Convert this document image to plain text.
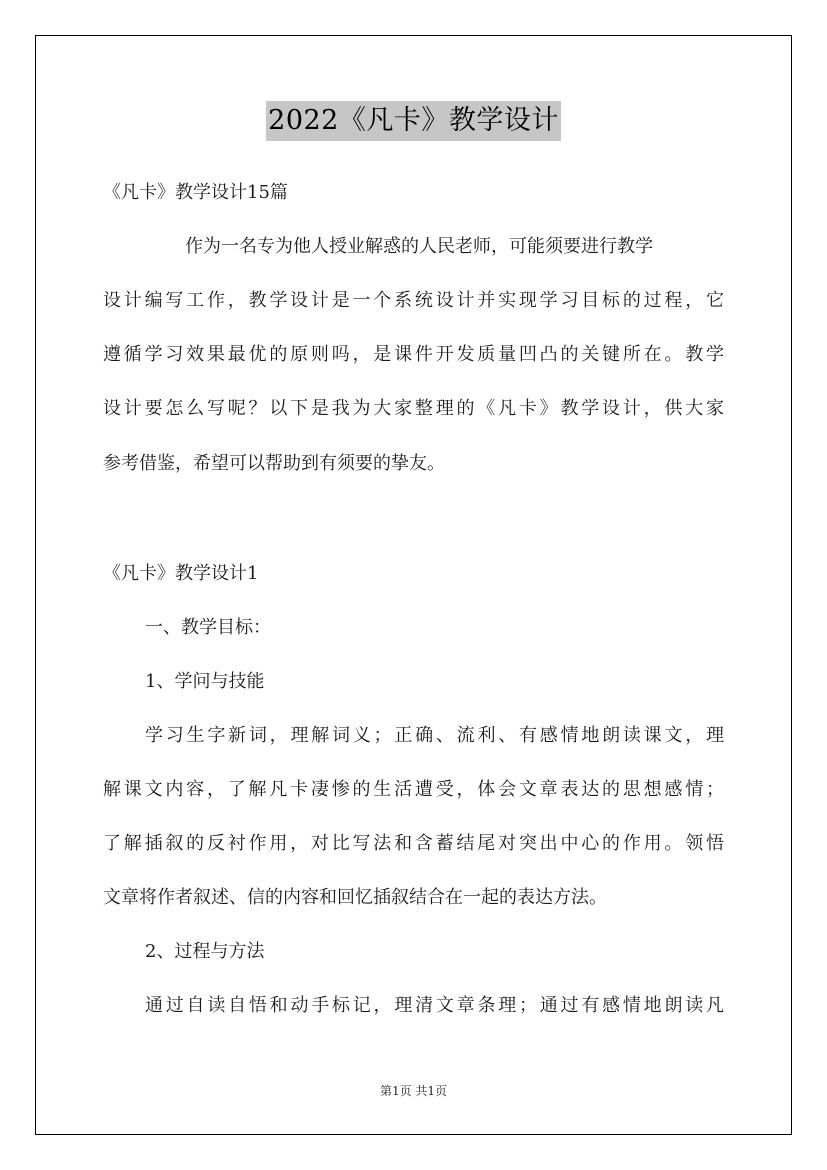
2022《凡卡》教学设计
《凡卡》教学设计15篇
作为一名专为他人授业解惑的人民老师，可能须要进行教学
设计编写工作，教学设计是一个系统设计并实现学习目标的过程，它
遵循学习效果最优的原则吗，是课件开发质量凹凸的关键所在。教学
设计要怎么写呢？以下是我为大家整理的《凡卡》教学设计，供大家
参考借鉴，希望可以帮助到有须要的挚友。
《凡卡》教学设计1
一、教学目标：
1、学问与技能
学习生字新词，理解词义；正确、流利、有感情地朗读课文，理
解课文内容，了解凡卡凄惨的生活遭受，体会文章表达的思想感情；
了解插叙的反衬作用，对比写法和含蓄结尾对突出中心的作用。领悟
文章将作者叙述、信的内容和回忆插叙结合在一起的表达方法。
2、过程与方法
通过自读自悟和动手标记，理清文章条理；通过有感情地朗读凡
第1页 共1页
